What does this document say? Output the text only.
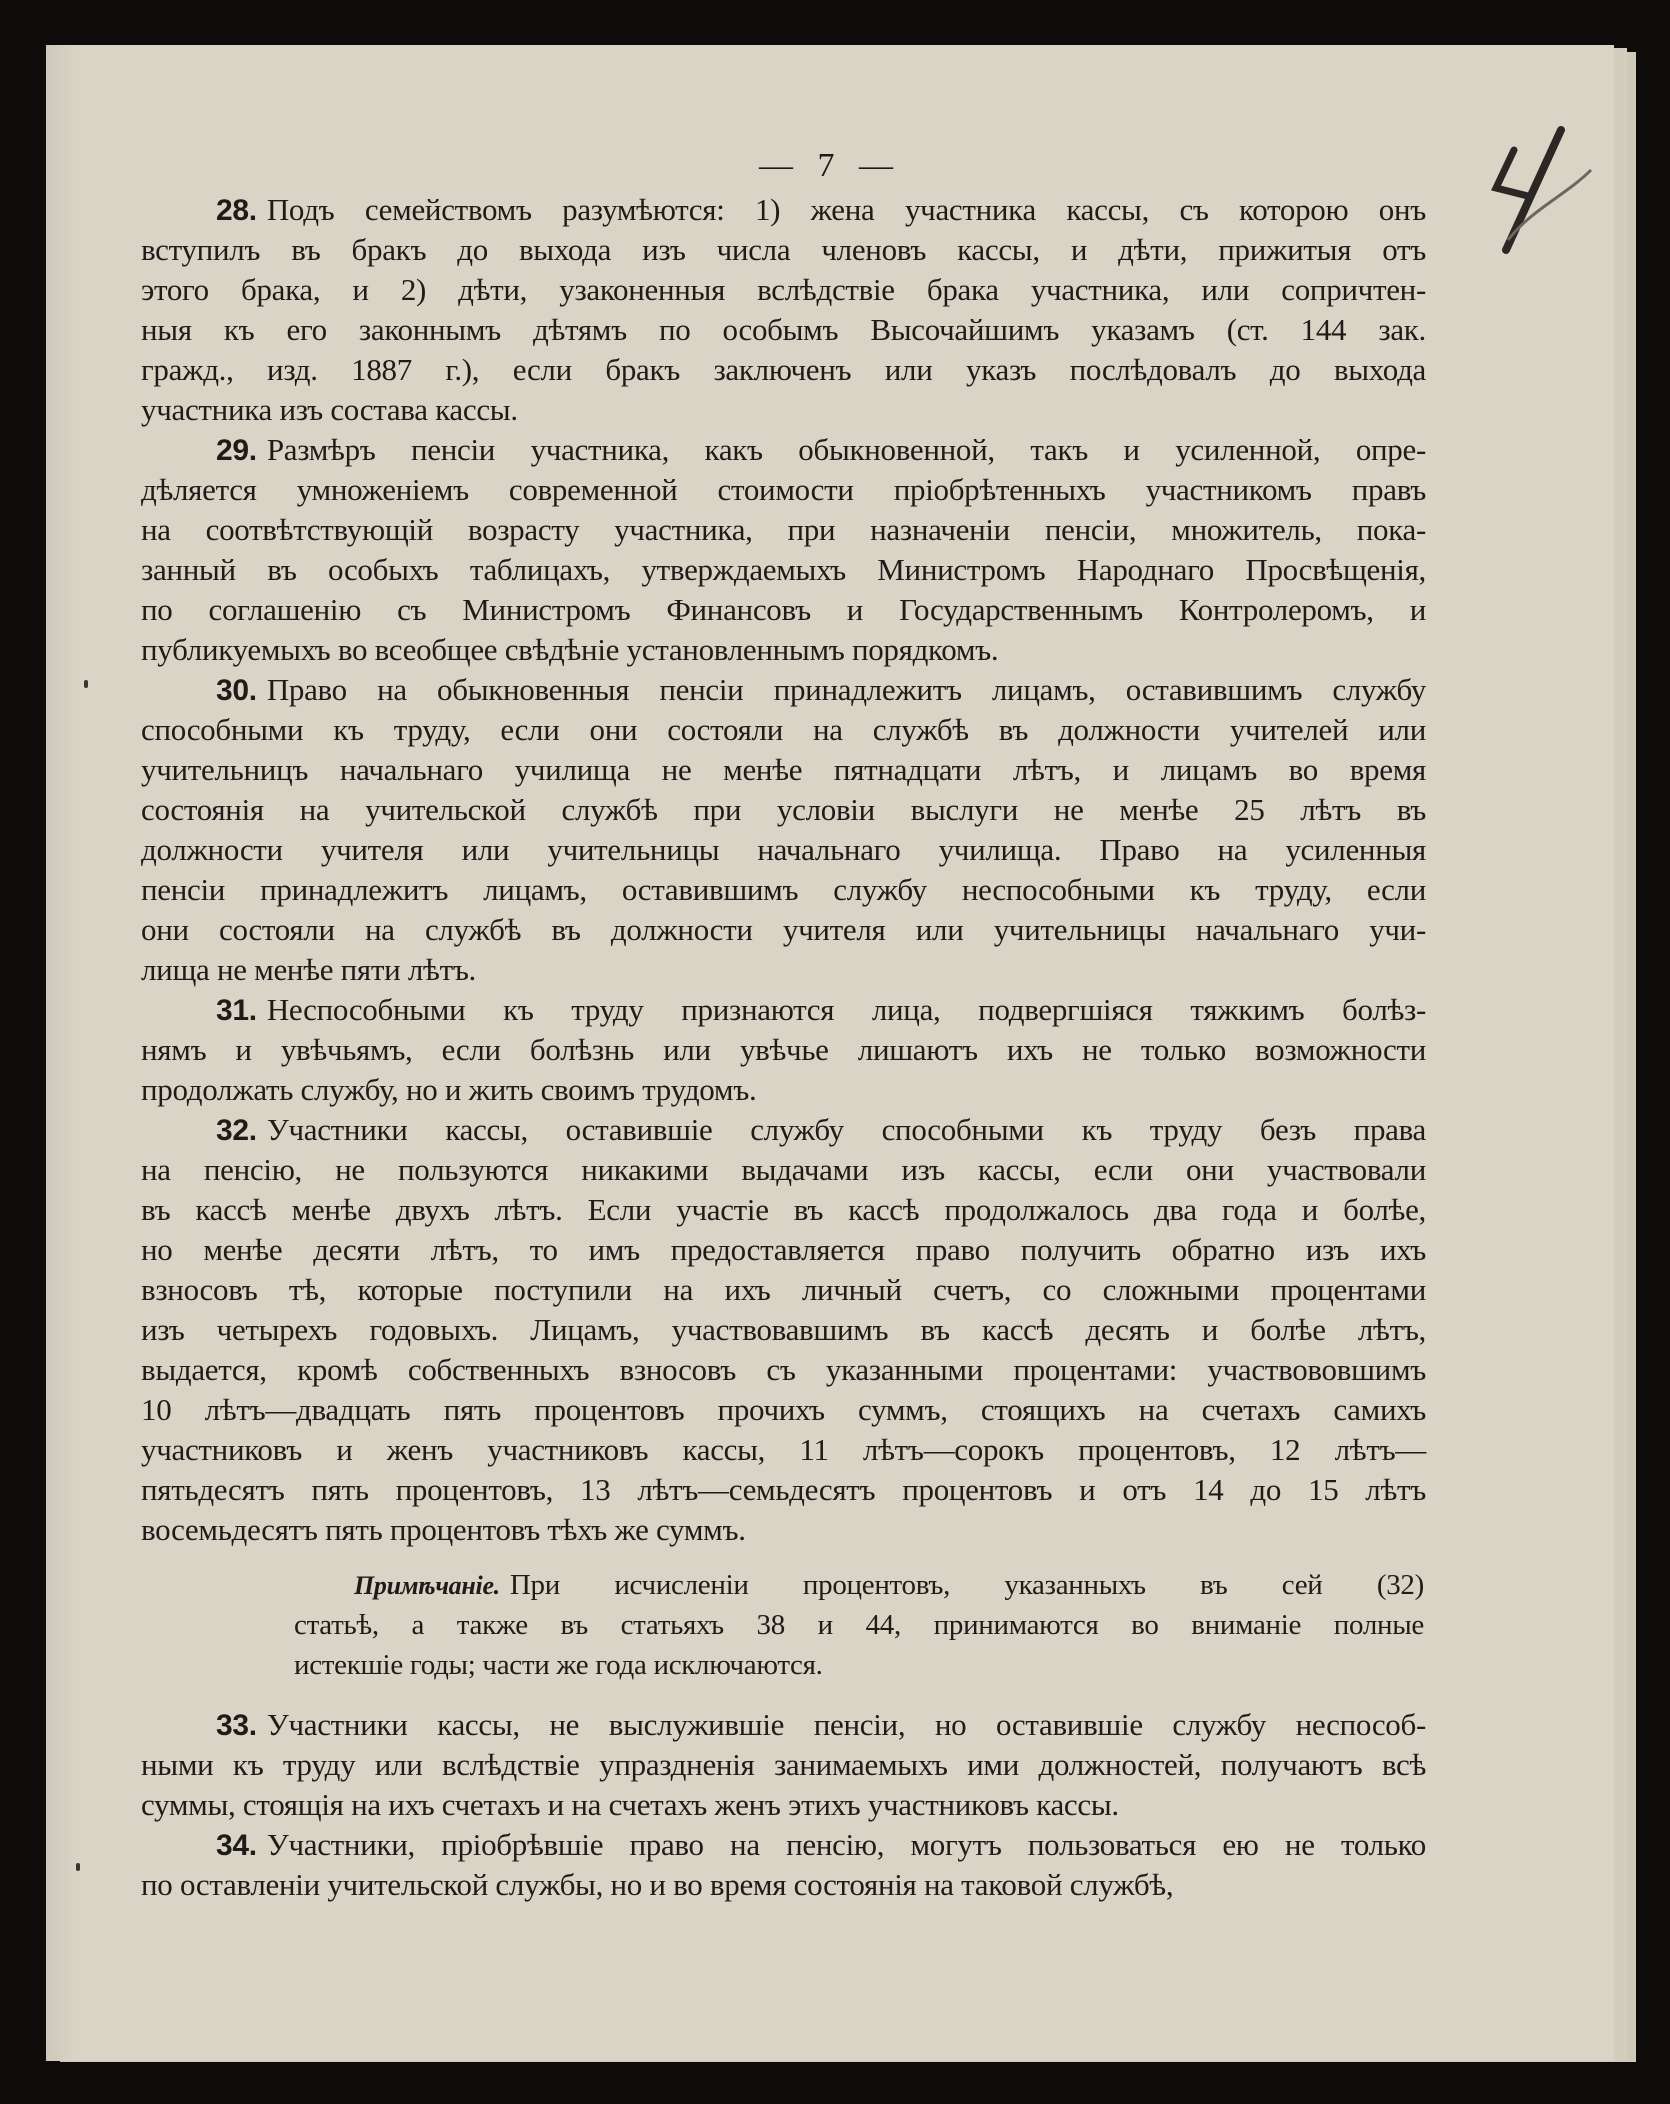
— 7 —
28. Подъ семействомъ разумѣются: 1) жена участника кассы, съ которою онъ
вступилъ въ бракъ до выхода изъ числа членовъ кассы, и дѣти, прижитыя отъ
этого брака, и 2) дѣти, узаконенныя вслѣдствіе брака участника, или сопричтен-
ныя къ его законнымъ дѣтямъ по особымъ Высочайшимъ указамъ (ст. 144 зак.
гражд., изд. 1887 г.), если бракъ заключенъ или указъ послѣдовалъ до выхода
участника изъ состава кассы.
29. Размѣръ пенсіи участника, какъ обыкновенной, такъ и усиленной, опре-
дѣляется умноженіемъ современной стоимости пріобрѣтенныхъ участникомъ правъ
на соотвѣтствующій возрасту участника, при назначеніи пенсіи, множитель, пока-
занный въ особыхъ таблицахъ, утверждаемыхъ Министромъ Народнаго Просвѣщенія,
по соглашенію съ Министромъ Финансовъ и Государственнымъ Контролеромъ, и
публикуемыхъ во всеобщее свѣдѣніе установленнымъ порядкомъ.
30. Право на обыкновенныя пенсіи принадлежитъ лицамъ, оставившимъ службу
способными къ труду, если они состояли на службѣ въ должности учителей или
учительницъ начальнаго училища не менѣе пятнадцати лѣтъ, и лицамъ во время
состоянія на учительской службѣ при условіи выслуги не менѣе 25 лѣтъ въ
должности учителя или учительницы начальнаго училища. Право на усиленныя
пенсіи принадлежитъ лицамъ, оставившимъ службу неспособными къ труду, если
они состояли на службѣ въ должности учителя или учительницы начальнаго учи-
лища не менѣе пяти лѣтъ.
31. Неспособными къ труду признаются лица, подвергшіяся тяжкимъ болѣз-
нямъ и увѣчьямъ, если болѣзнь или увѣчье лишаютъ ихъ не только возможности
продолжать службу, но и жить своимъ трудомъ.
32. Участники кассы, оставившіе службу способными къ труду безъ права
на пенсію, не пользуются никакими выдачами изъ кассы, если они участвовали
въ кассѣ менѣе двухъ лѣтъ. Если участіе въ кассѣ продолжалось два года и болѣе,
но менѣе десяти лѣтъ, то имъ предоставляется право получить обратно изъ ихъ
взносовъ тѣ, которые поступили на ихъ личный счетъ, со сложными процентами
изъ четырехъ годовыхъ. Лицамъ, участвовавшимъ въ кассѣ десять и болѣе лѣтъ,
выдается, кромѣ собственныхъ взносовъ съ указанными процентами: участвововшимъ
10 лѣтъ—двадцать пять процентовъ прочихъ суммъ, стоящихъ на счетахъ самихъ
участниковъ и женъ участниковъ кассы, 11 лѣтъ—сорокъ процентовъ, 12 лѣтъ—
пятьдесятъ пять процентовъ, 13 лѣтъ—семьдесятъ процентовъ и отъ 14 до 15 лѣтъ
восемьдесятъ пять процентовъ тѣхъ же суммъ.
Примѣчаніе. При исчисленіи процентовъ, указанныхъ въ сей (32)
статьѣ, а также въ статьяхъ 38 и 44, принимаются во вниманіе полные
истекшіе годы; части же года исключаются.
33. Участники кассы, не выслужившіе пенсіи, но оставившіе службу неспособ-
ными къ труду или вслѣдствіе упраздненія занимаемыхъ ими должностей, получаютъ всѣ
суммы, стоящія на ихъ счетахъ и на счетахъ женъ этихъ участниковъ кассы.
34. Участники, пріобрѣвшіе право на пенсію, могутъ пользоваться ею не только
по оставленіи учительской службы, но и во время состоянія на таковой службѣ,
